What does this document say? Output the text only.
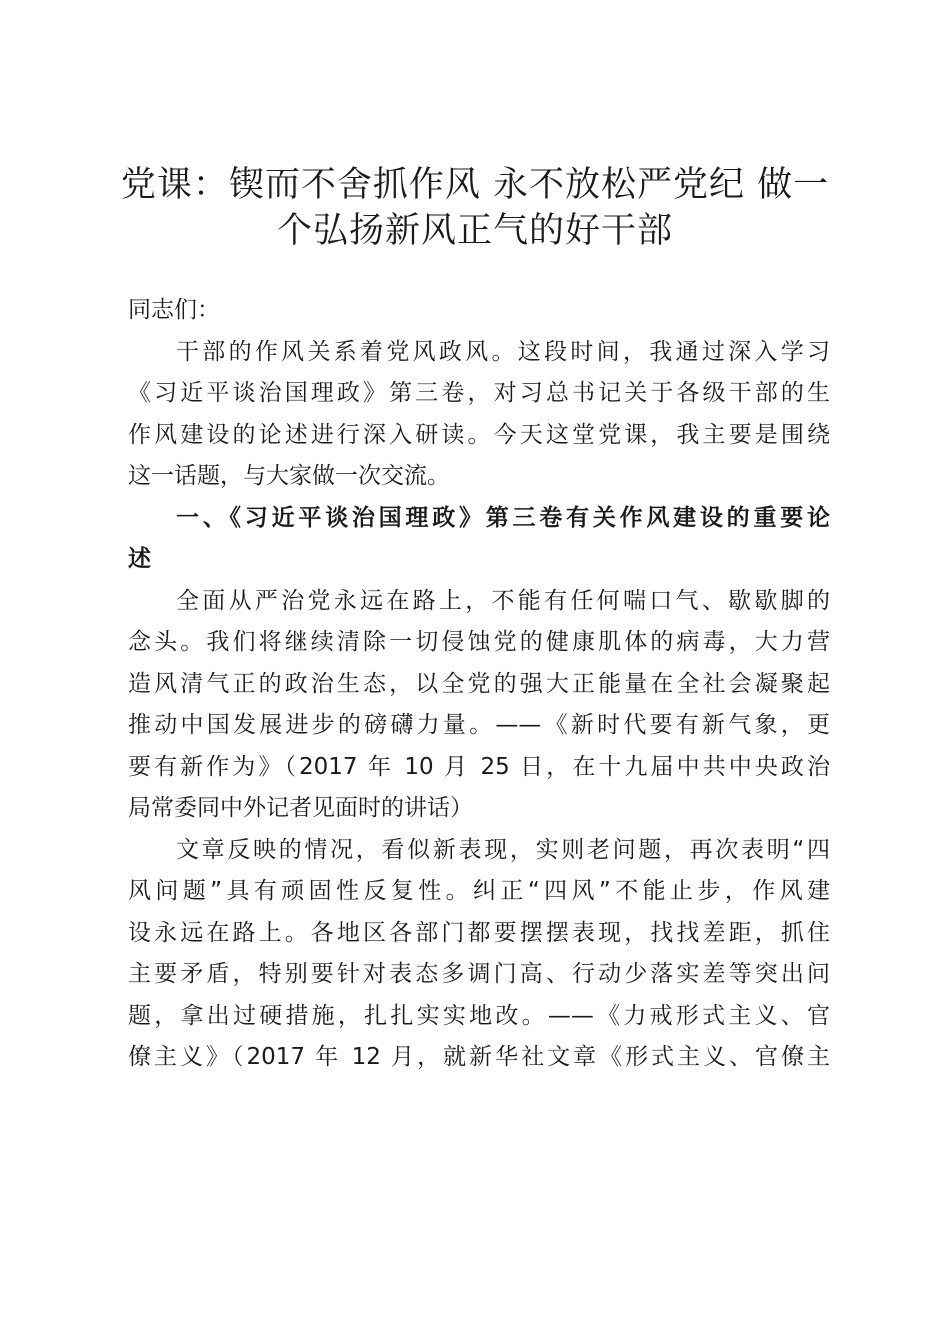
党课：锲而不舍抓作风 永不放松严党纪 做一
个弘扬新风正气的好干部
同志们：
干部的作风关系着党风政风。这段时间，我通过深入学习
《习近平谈治国理政》第三卷，对习总书记关于各级干部的生
作风建设的论述进行深入研读。今天这堂党课，我主要是围绕
这一话题，与大家做一次交流。
一、《习近平谈治国理政》第三卷有关作风建设的重要论
述
全面从严治党永远在路上，不能有任何喘口气、歇歇脚的
念头。我们将继续清除一切侵蚀党的健康肌体的病毒，大力营
造风清气正的政治生态，以全党的强大正能量在全社会凝聚起
推动中国发展进步的磅礴力量。——《新时代要有新气象，更
要有新作为》（2017 年 10 月 25 日，在十九届中共中央政治
局常委同中外记者见面时的讲话）
文章反映的情况，看似新表现，实则老问题，再次表明“四
风问题”具有顽固性反复性。纠正“四风”不能止步，作风建
设永远在路上。各地区各部门都要摆摆表现，找找差距，抓住
主要矛盾，特别要针对表态多调门高、行动少落实差等突出问
题，拿出过硬措施，扎扎实实地改。——《力戒形式主义、官
僚主义》（2017 年 12 月，就新华社文章《形式主义、官僚主
